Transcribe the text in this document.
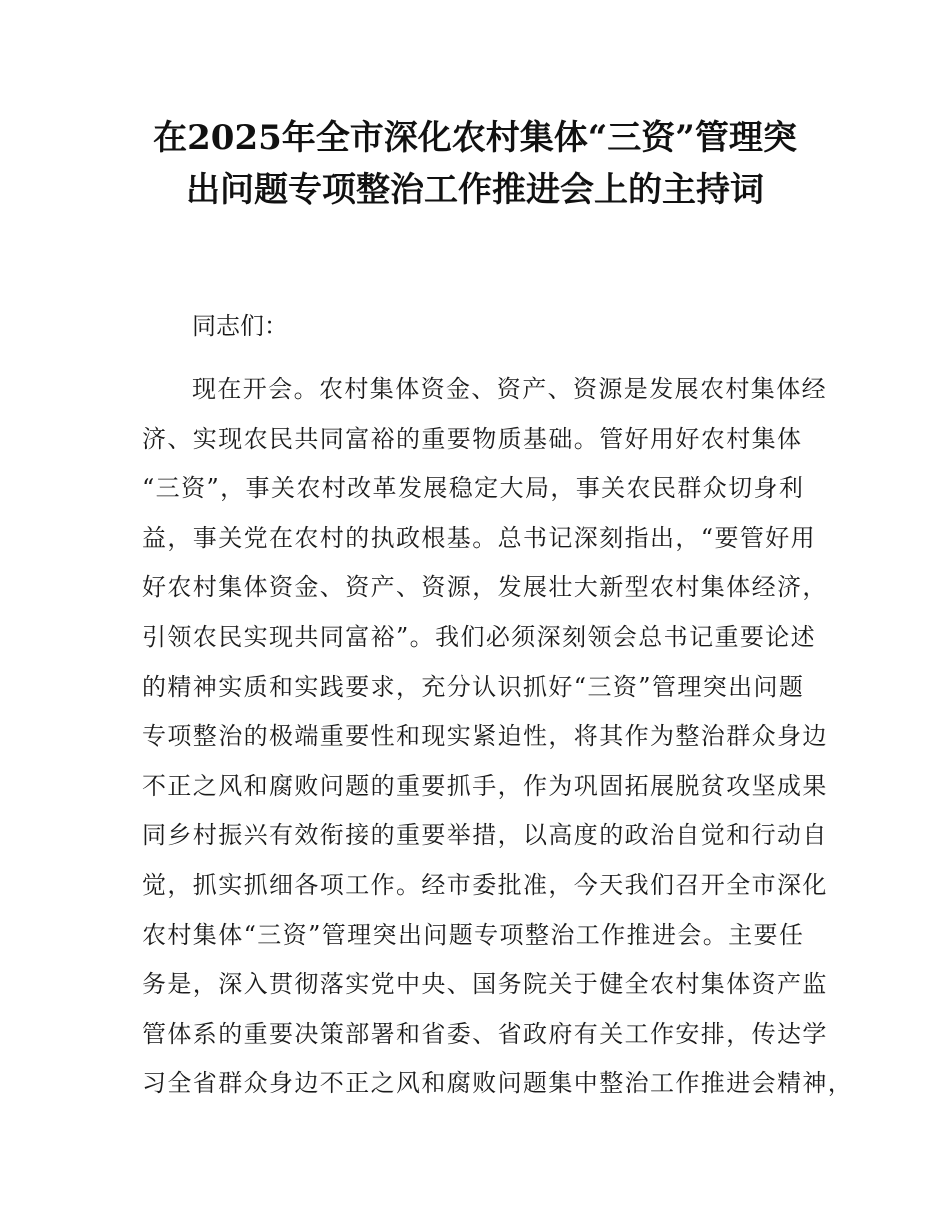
在2025年全市深化农村集体“三资”管理突
出问题专项整治工作推进会上的主持词

同志们：

现在开会。农村集体资金、资产、资源是发展农村集体经
济、实现农民共同富裕的重要物质基础。管好用好农村集体
“三资”，事关农村改革发展稳定大局，事关农民群众切身利
益，事关党在农村的执政根基。总书记深刻指出，“要管好用
好农村集体资金、资产、资源，发展壮大新型农村集体经济，
引领农民实现共同富裕”。我们必须深刻领会总书记重要论述
的精神实质和实践要求，充分认识抓好“三资”管理突出问题
专项整治的极端重要性和现实紧迫性，将其作为整治群众身边
不正之风和腐败问题的重要抓手，作为巩固拓展脱贫攻坚成果
同乡村振兴有效衔接的重要举措，以高度的政治自觉和行动自
觉，抓实抓细各项工作。经市委批准，今天我们召开全市深化
农村集体“三资”管理突出问题专项整治工作推进会。主要任
务是，深入贯彻落实党中央、国务院关于健全农村集体资产监
管体系的重要决策部署和省委、省政府有关工作安排，传达学
习全省群众身边不正之风和腐败问题集中整治工作推进会精神，
